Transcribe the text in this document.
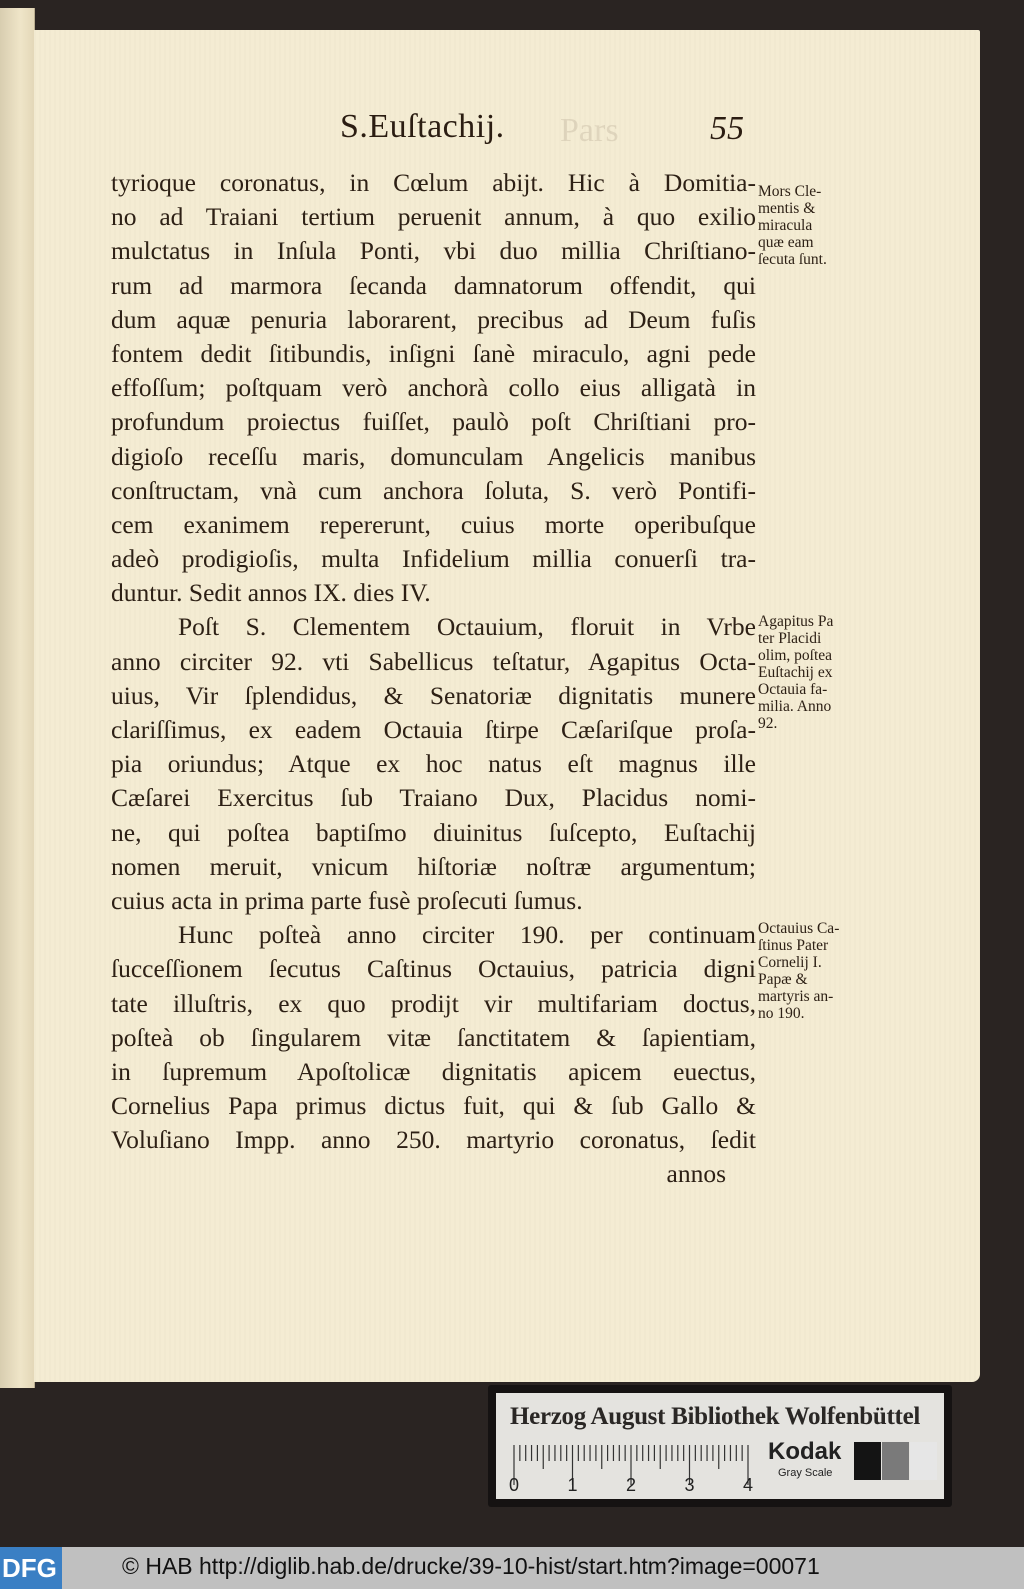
Pars
S.Euſtachij.	55
tyrioque coronatus, in Cœlum abijt. Hic à Domitia-
no ad Traiani tertium peruenit annum, à quo exilio
mulctatus in Inſula Ponti, vbi duo millia Chriſtiano-
rum ad marmora ſecanda damnatorum offendit, qui
dum aquæ penuria laborarent, precibus ad Deum fuſis
fontem dedit ſitibundis, inſigni ſanè miraculo, agni pede
effoſſum; poſtquam verò anchorà collo eius alligatà in
profundum proiectus fuiſſet, paulò poſt Chriſtiani pro-
digioſo receſſu maris, domunculam Angelicis manibus
conſtructam, vnà cum anchora ſoluta, S. verò Pontifi-
cem exanimem repererunt, cuius morte operibuſque
adeò prodigioſis, multa Infidelium millia conuerſi tra-
duntur. Sedit annos IX. dies IV.
Poſt S. Clementem Octauium, floruit in Vrbe
anno circiter 92. vti Sabellicus teſtatur, Agapitus Octa-
uius, Vir ſplendidus, & Senatoriæ dignitatis munere
clariſſimus, ex eadem Octauia ſtirpe Cæſariſque proſa-
pia oriundus; Atque ex hoc natus eſt magnus ille
Cæſarei Exercitus ſub Traiano Dux, Placidus nomi-
ne, qui poſtea baptiſmo diuinitus ſuſcepto, Euſtachij
nomen meruit, vnicum hiſtoriæ noſtræ argumentum;
cuius acta in prima parte fusè proſecuti ſumus.
Hunc poſteà anno circiter 190. per continuam
ſucceſſionem ſecutus Caſtinus Octauius, patricia digni
tate illuſtris, ex quo prodijt vir multifariam doctus,
poſteà ob ſingularem vitæ ſanctitatem & ſapientiam,
in ſupremum Apoſtolicæ dignitatis apicem euectus,
Cornelius Papa primus dictus fuit, qui & ſub Gallo &
Voluſiano Impp. anno 250. martyrio coronatus, ſedit
annos
Mors Cle-
mentis &
miracula
quæ eam
ſecuta ſunt.
Agapitus Pa
ter Placidi
olim, poſtea
Euſtachij ex
Octauia fa-
milia. Anno
92.
Octauius Ca-
ſtinus Pater
Cornelij I.
Papæ &
martyris an-
no 190.
Herzog August Bibliothek Wolfenbüttel
0	1	2	3	4
Kodak
Gray Scale
DFG	© HAB http://diglib.hab.de/drucke/39-10-hist/start.htm?image=00071
